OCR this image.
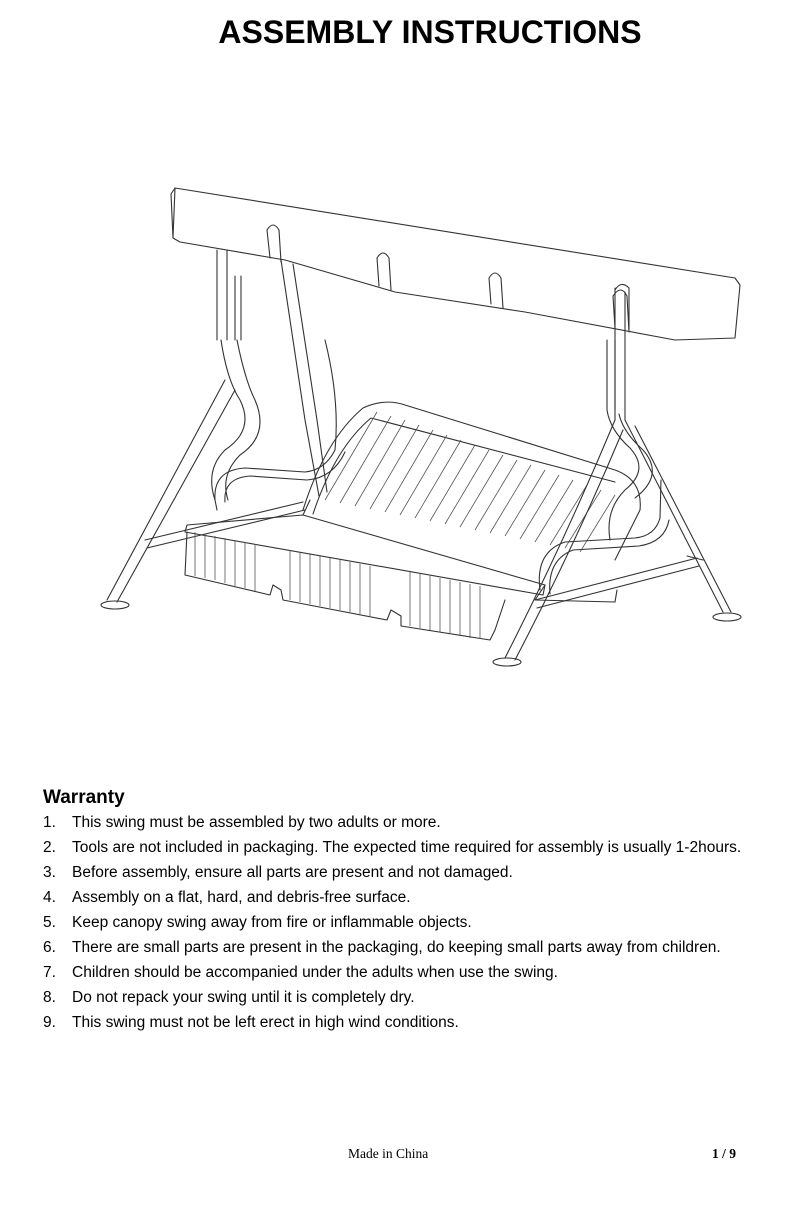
ASSEMBLY INSTRUCTIONS
Warranty
1.	This swing must be assembled by two adults or more.
2.	Tools are not included in packaging. The expected time required for assembly is usually 1-2hours.
3.	Before assembly, ensure all parts are present and not damaged.
4.	Assembly on a flat, hard, and debris-free surface.
5.	Keep canopy swing away from fire or inflammable objects.
6.	There are small parts are present in the packaging, do keeping small parts away from children.
7.	Children should be accompanied under the adults when use the swing.
8.	Do not repack your swing until it is completely dry.
9.	This swing must not be left erect in high wind conditions.
Made in China	1 / 9
